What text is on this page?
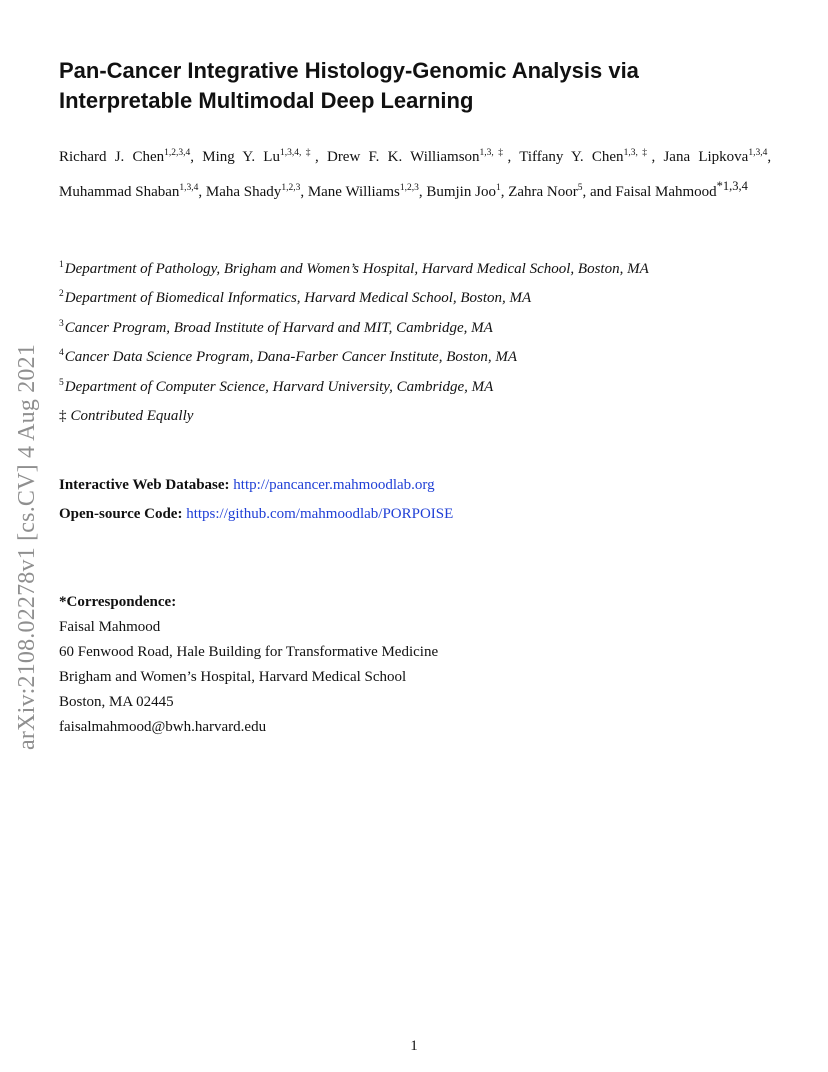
arXiv:2108.02278v1 [cs.CV] 4 Aug 2021
Pan-Cancer Integrative Histology-Genomic Analysis via
Interpretable Multimodal Deep Learning

Richard J. Chen$^{1,2,3,4}$, Ming Y. $Lu^{1,3,4,\ddagger}$, Drew F. K. Williamson$^{1,3,\ddagger}$, Tiffany Y. Chen$^{1,3,\ddagger}$, Jana Lipkova$^{1,3,4}$, Muhammad Shaban$^{1,3,4}$, Maha Shady$^{1,2,3}$, Mane Williams$^{1,2,3}$, Bumjin Joo$^1$, Zahra Noor$^5$, and Faisal Mahmood$^{*1,3,4}$

$^1$Department of Pathology, Brigham and Women’s Hospital, Harvard Medical School, Boston, MA
$^2$Department of Biomedical Informatics, Harvard Medical School, Boston, MA
$^3$Cancer Program, Broad Institute of Harvard and MIT, Cambridge, MA
$^4$Cancer Data Science Program, Dana-Farber Cancer Institute, Boston, MA
$^5$Department of Computer Science, Harvard University, Cambridge, MA
‡ Contributed Equally
Interactive Web Database: http://pancancer.mahmoodlab.org
Open-source Code: https://github.com/mahmoodlab/PORPOISE
*Correspondence:
Faisal Mahmood
60 Fenwood Road, Hale Building for Transformative Medicine
Brigham and Women’s Hospital, Harvard Medical School
Boston, MA 02445
faisalmahmood@bwh.harvard.edu
1
